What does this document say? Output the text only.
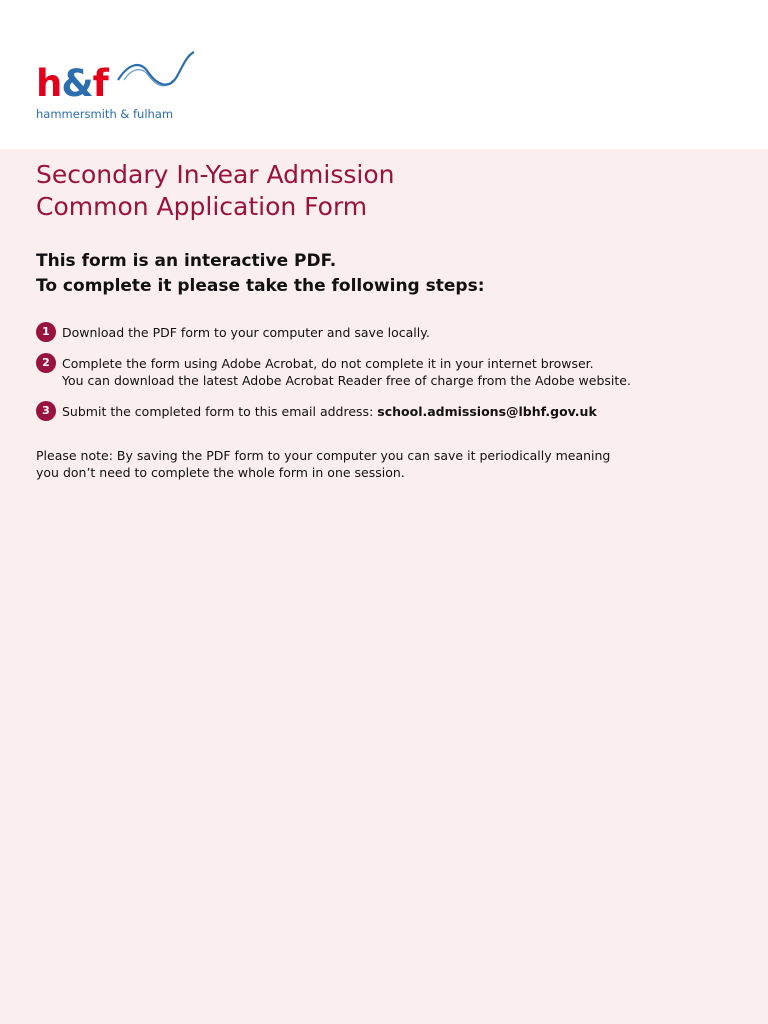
h&f
hammersmith & fulham
Secondary In-Year Admission
Common Application Form
This form is an interactive PDF.
To complete it please take the following steps:
1 Download the PDF form to your computer and save locally.
2 Complete the form using Adobe Acrobat, do not complete it in your internet browser.
You can download the latest Adobe Acrobat Reader free of charge from the Adobe website.
3 Submit the completed form to this email address: school.admissions@lbhf.gov.uk
Please note: By saving the PDF form to your computer you can save it periodically meaning
you don’t need to complete the whole form in one session.
